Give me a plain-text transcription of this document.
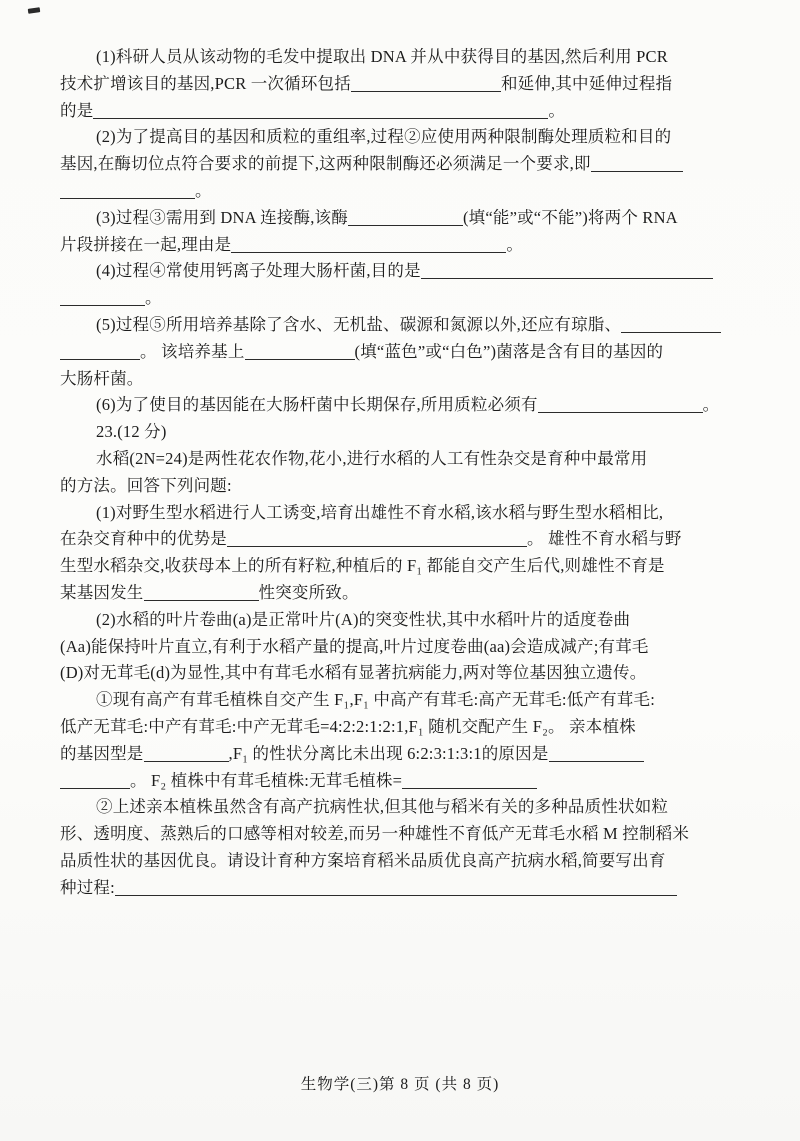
(1)科研人员从该动物的毛发中提取出 DNA 并从中获得目的基因,然后利用 PCR
技术扩增该目的基因,PCR 一次循环包括	和延伸,其中延伸过程指
的是	。
(2)为了提高目的基因和质粒的重组率,过程②应使用两种限制酶处理质粒和目的
基因,在酶切位点符合要求的前提下,这两种限制酶还必须满足一个要求,即
。
(3)过程③需用到 DNA 连接酶,该酶	(填“能”或“不能”)将两个 RNA
片段拼接在一起,理由是	。
(4)过程④常使用钙离子处理大肠杆菌,目的是
。
(5)过程⑤所用培养基除了含水、无机盐、碳源和氮源以外,还应有琼脂、
。 该培养基上	(填“蓝色”或“白色”)菌落是含有目的基因的
大肠杆菌。
(6)为了使目的基因能在大肠杆菌中长期保存,所用质粒必须有	。
23.(12 分)
水稻(2N=24)是两性花农作物,花小,进行水稻的人工有性杂交是育种中最常用
的方法。回答下列问题:
(1)对野生型水稻进行人工诱变,培育出雄性不育水稻,该水稻与野生型水稻相比,
在杂交育种中的优势是	。 雄性不育水稻与野
生型水稻杂交,收获母本上的所有籽粒,种植后的 F₁ 都能自交产生后代,则雄性不育是
某基因发生	性突变所致。
(2)水稻的叶片卷曲(a)是正常叶片(A)的突变性状,其中水稻叶片的适度卷曲
(Aa)能保持叶片直立,有利于水稻产量的提高,叶片过度卷曲(aa)会造成减产;有茸毛
(D)对无茸毛(d)为显性,其中有茸毛水稻有显著抗病能力,两对等位基因独立遗传。
①现有高产有茸毛植株自交产生 F₁,F₁ 中高产有茸毛:高产无茸毛:低产有茸毛:
低产无茸毛:中产有茸毛:中产无茸毛=4:2:2:1:2:1,F₁ 随机交配产生 F₂。 亲本植株
的基因型是	,F₁ 的性状分离比未出现 6:2:3:1:3:1的原因是
。 F₂ 植株中有茸毛植株:无茸毛植株=
②上述亲本植株虽然含有高产抗病性状,但其他与稻米有关的多种品质性状如粒
形、透明度、蒸熟后的口感等相对较差,而另一种雄性不育低产无茸毛水稻 M 控制稻米
品质性状的基因优良。请设计育种方案培育稻米品质优良高产抗病水稻,简要写出育
种过程:
生物学(三)第 8 页 (共 8 页)
